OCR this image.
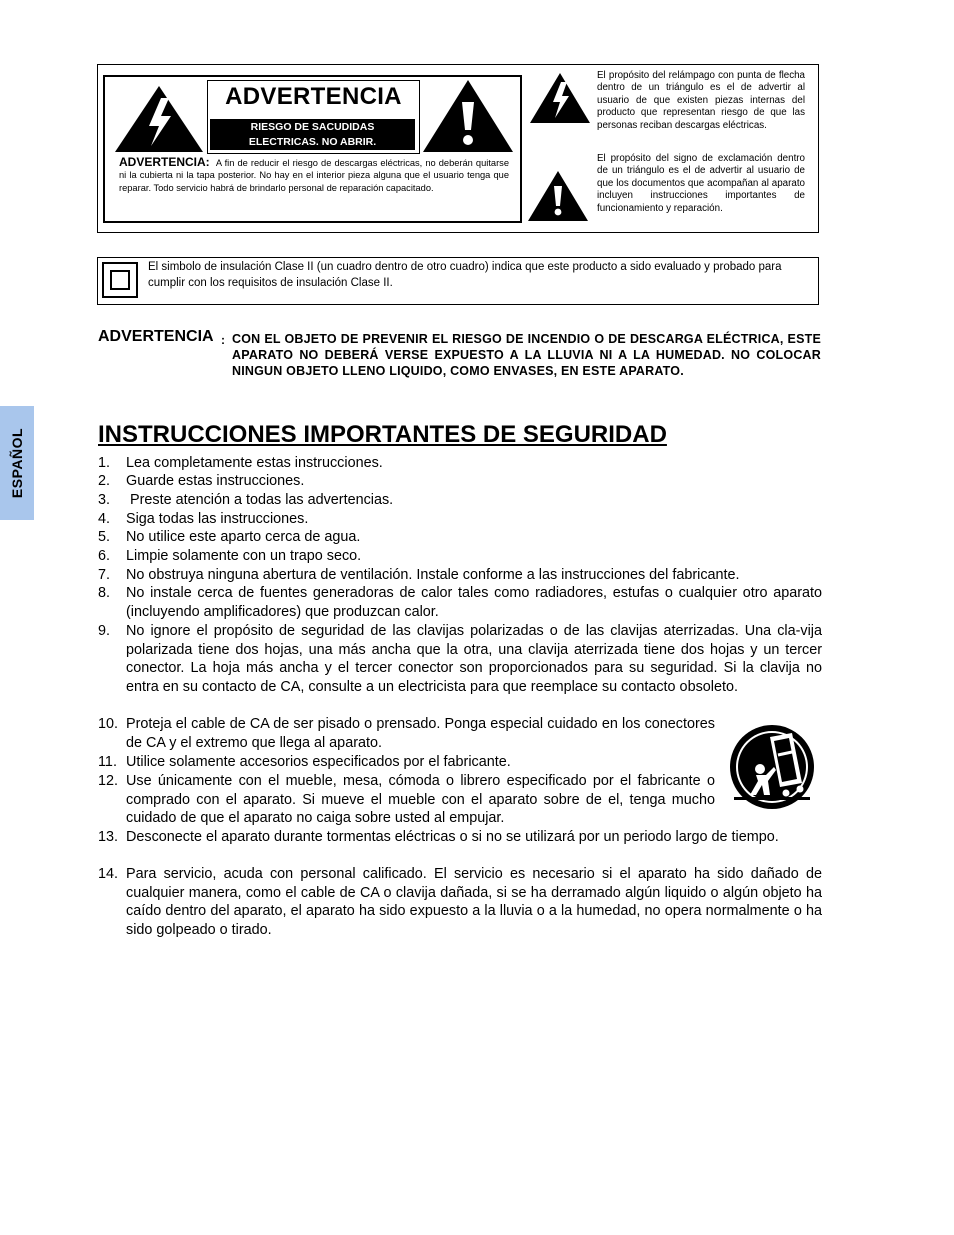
ESPAÑOL
ADVERTENCIA
RIESGO DE SACUDIDAS
ELECTRICAS. NO ABRIR.
ADVERTENCIA: A fin de reducir el riesgo de descargas eléctricas, no deberán quitarse ni la cubierta ni la tapa posterior. No hay en el interior pieza alguna que el usuario tenga que reparar. Todo servicio habrá de brindarlo personal de reparación capacitado.
El propósito del relámpago con punta de flecha dentro de un triángulo es el de advertir al usuario de que existen piezas internas del producto que representan riesgo de que las personas reciban descargas eléctricas.
El propósito del signo de exclamación dentro de un triángulo es el de advertir al usuario de que los documentos que acompañan al aparato incluyen instrucciones importantes de funcionamiento y reparación.
El simbolo de insulación Clase II (un cuadro dentro de otro cuadro) indica que este producto a sido evaluado y probado para cumplir con los requisitos de insulación Clase II.
ADVERTENCIA : CON EL OBJETO DE PREVENIR EL RIESGO DE INCENDIO O DE DESCARGA ELÉCTRICA, ESTE APARATO NO DEBERÁ VERSE EXPUESTO A LA LLUVIA NI A LA HUMEDAD. NO COLOCAR NINGUN OBJETO LLENO LIQUIDO, COMO ENVASES, EN ESTE APARATO.
INSTRUCCIONES IMPORTANTES DE SEGURIDAD
1. Lea completamente estas instrucciones.
2. Guarde estas instrucciones.
3. Preste atención a todas las advertencias.
4. Siga todas las instrucciones.
5. No utilice este aparto cerca de agua.
6. Limpie solamente con un trapo seco.
7. No obstruya ninguna abertura de ventilación. Instale conforme a las instrucciones del fabricante.
8. No instale cerca de fuentes generadoras de calor tales como radiadores, estufas o cualquier otro aparato (incluyendo amplificadores) que produzcan calor.
9. No ignore el propósito de seguridad de las clavijas polarizadas o de las clavijas aterrizadas. Una cla-vija polarizada tiene dos hojas, una más ancha que la otra, una clavija aterrizada tiene dos hojas y un tercer conector. La hoja más ancha y el tercer conector son proporcionados para su seguridad. Si la clavija no entra en su contacto de CA, consulte a un electricista para que reemplace su contacto obsoleto.
10. Proteja el cable de CA de ser pisado o prensado. Ponga especial cuidado en los conectores de CA y el extremo que llega al aparato.
11. Utilice solamente accesorios especificados por el fabricante.
12. Use únicamente con el mueble, mesa, cómoda o librero especificado por el fabricante o comprado con el aparato. Si mueve el mueble con el aparato sobre de el, tenga mucho cuidado de que el aparato no caiga sobre usted al empujar.
13. Desconecte el aparato durante tormentas eléctricas o si no se utilizará por un periodo largo de tiempo.
14. Para servicio, acuda con personal calificado. El servicio es necesario si el aparato ha sido dañado de cualquier manera, como el cable de CA o clavija dañada, si se ha derramado algún liquido o algún objeto ha caído dentro del aparato, el aparato ha sido expuesto a la lluvia o a la humedad, no opera normalmente o ha sido golpeado o tirado.
